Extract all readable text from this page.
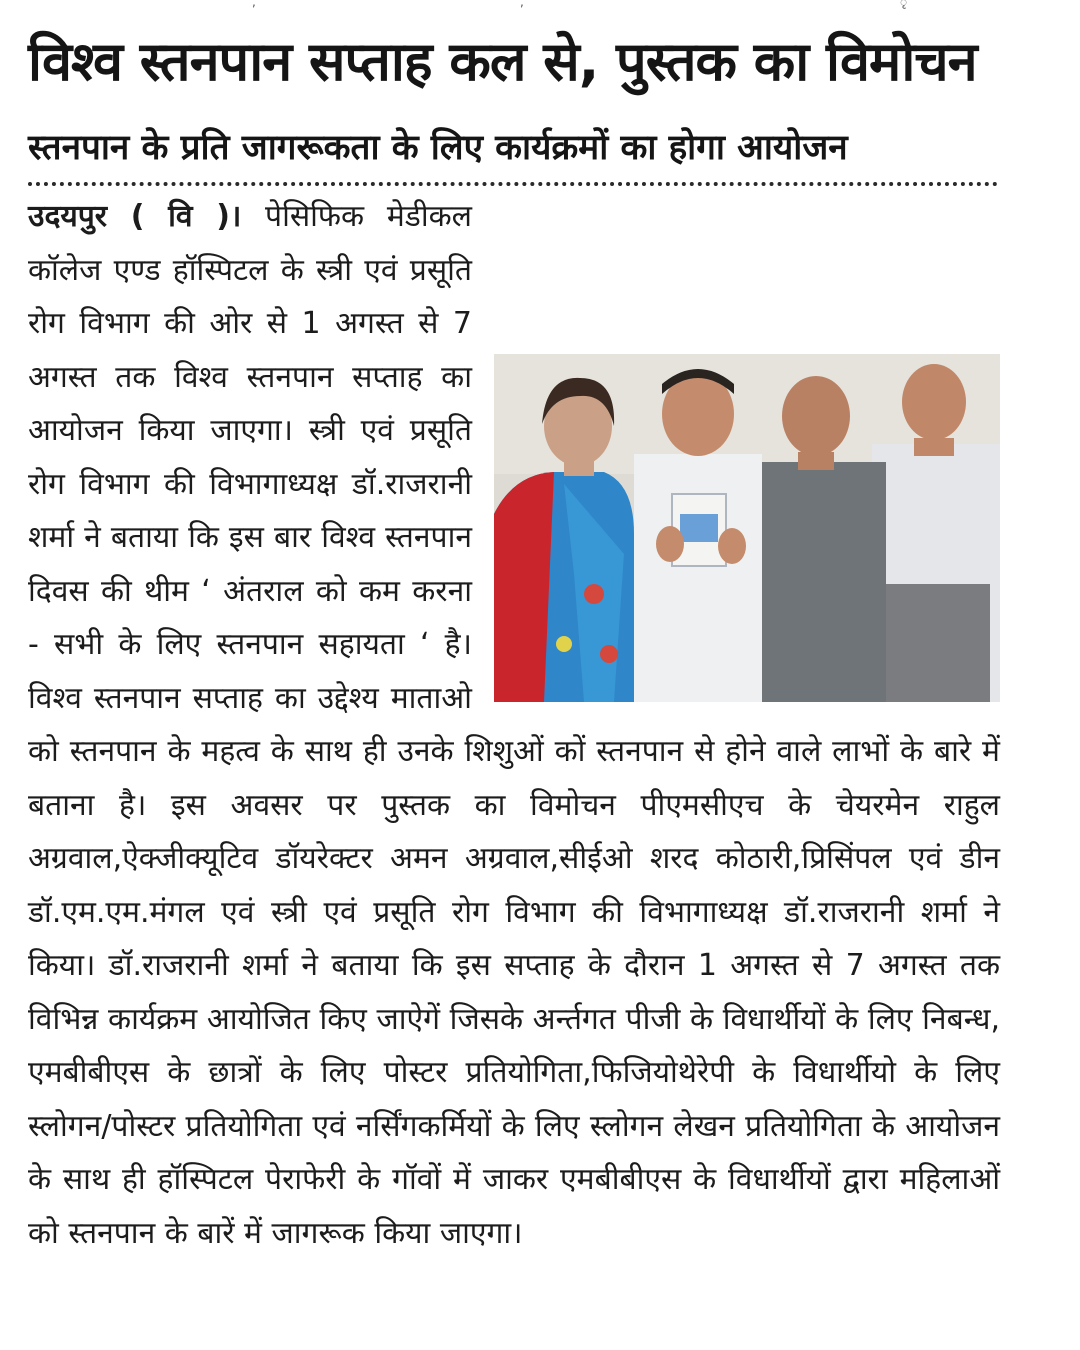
,	,	ृ
विश्व स्तनपान सप्ताह कल से, पुस्तक का विमोचन
स्तनपान के प्रति जागरूकता के लिए कार्यक्रमों का होगा आयोजन
उदयपुर ( वि )। पेसिफिक मेडीकल कॉलेज एण्ड हॉस्पिटल के स्त्री एवं प्रसूति रोग विभाग की ओर से 1 अगस्त से 7 अगस्त तक विश्व स्तनपान सप्ताह का आयोजन किया जाएगा। स्त्री एवं प्रसूति रोग विभाग की विभागाध्यक्ष डॉ.राजरानी शर्मा ने बताया कि इस बार विश्व स्तनपान दिवस की थीम ‘ अंतराल को कम करना - सभी के लिए स्तनपान सहायता ‘ है। विश्व स्तनपान सप्ताह का उद्देश्य माताओ को स्तनपान के महत्व के साथ ही उनके शिशुओं कों स्तनपान से होने वाले लाभों के बारे में बताना है। इस अवसर पर पुस्तक का विमोचन पीएमसीएच के चेयरमेन राहुल अग्रवाल,ऐक्जीक्यूटिव डॉयरेक्टर अमन अग्रवाल,सीईओ शरद कोठारी,प्रिसिंपल एवं डीन डॉ.एम.एम.मंगल एवं स्त्री एवं प्रसूति रोग विभाग की विभागाध्यक्ष डॉ.राजरानी शर्मा ने किया। डॉ.राजरानी शर्मा ने बताया कि इस सप्ताह के दौरान 1 अगस्त से 7 अगस्त तक विभिन्न कार्यक्रम आयोजित किए जाऐगें जिसके अर्न्तगत पीजी के विधार्थीयों के लिए निबन्ध, एमबीबीएस के छात्रों के लिए पोस्टर प्रतियोगिता,फिजियोथेरेपी के विधार्थीयो के लिए स्लोगन/पोस्टर प्रतियोगिता एवं नर्सिंगकर्मियों के लिए स्लोगन लेखन प्रतियोगिता के आयोजन के साथ ही हॉस्पिटल पेराफेरी के गॉवों में जाकर एमबीबीएस के विधार्थीयों द्वारा महिलाओं को स्तनपान के बारें में जागरूक किया जाएगा।
